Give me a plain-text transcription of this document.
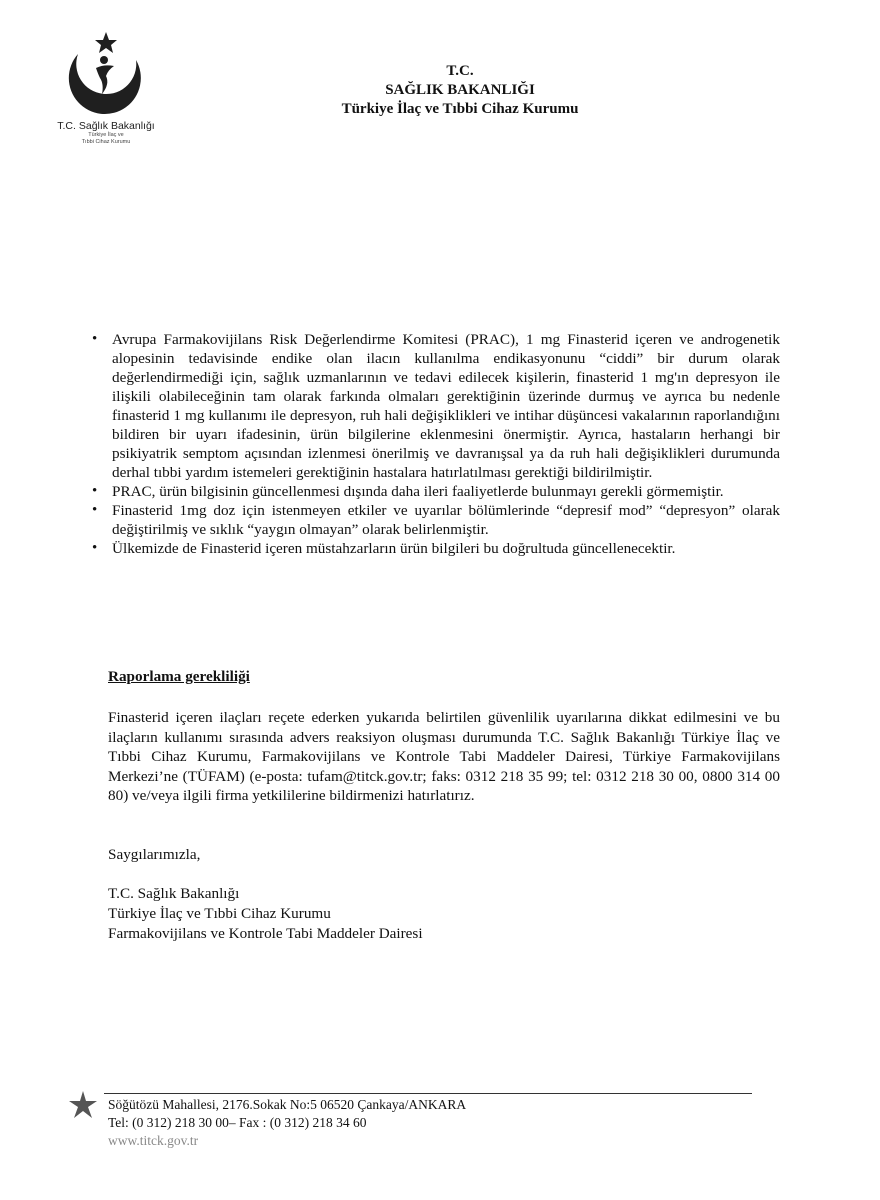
T.C. Sağlık Bakanlığı
Türkiye İlaç ve
Tıbbi Cihaz Kurumu
T.C.
SAĞLIK BAKANLIĞI
Türkiye İlaç ve Tıbbi Cihaz Kurumu
• Avrupa Farmakovijilans Risk Değerlendirme Komitesi (PRAC), 1 mg Finasterid içeren ve androgenetik alopesinin tedavisinde endike olan ilacın kullanılma endikasyonunu “ciddi” bir durum olarak değerlendirmediği için, sağlık uzmanlarının ve tedavi edilecek kişilerin, finasterid 1 mg'ın depresyon ile ilişkili olabileceğinin tam olarak farkında olmaları gerektiğinin üzerinde durmuş ve ayrıca bu nedenle finasterid 1 mg kullanımı ile depresyon, ruh hali değişiklikleri ve intihar düşüncesi vakalarının raporlandığını bildiren bir uyarı ifadesinin, ürün bilgilerine eklenmesini önermiştir. Ayrıca, hastaların herhangi bir psikiyatrik semptom açısından izlenmesi önerilmiş ve davranışsal ya da ruh hali değişiklikleri durumunda derhal tıbbi yardım istemeleri gerektiğinin hastalara hatırlatılması gerektiği bildirilmiştir.
• PRAC, ürün bilgisinin güncellenmesi dışında daha ileri faaliyetlerde bulunmayı gerekli görmemiştir.
• Finasterid 1mg doz için istenmeyen etkiler ve uyarılar bölümlerinde “depresif mod” “depresyon” olarak değiştirilmiş ve sıklık “yaygın olmayan” olarak belirlenmiştir.
• Ülkemizde de Finasterid içeren müstahzarların ürün bilgileri bu doğrultuda güncellenecektir.
Raporlama gerekliliği

Finasterid içeren ilaçları reçete ederken yukarıda belirtilen güvenlilik uyarılarına dikkat edilmesini ve bu ilaçların kullanımı sırasında advers reaksiyon oluşması durumunda T.C. Sağlık Bakanlığı Türkiye İlaç ve Tıbbi Cihaz Kurumu, Farmakovijilans ve Kontrole Tabi Maddeler Dairesi, Türkiye Farmakovijilans Merkezi’ne (TÜFAM) (e-posta: tufam@titck.gov.tr; faks: 0312 218 35 99; tel: 0312 218 30 00, 0800 314 00 80) ve/veya ilgili firma yetkililerine bildirmenizi hatırlatırız.

Saygılarımızla,
T.C. Sağlık Bakanlığı
Türkiye İlaç ve Tıbbi Cihaz Kurumu
Farmakovijilans ve Kontrole Tabi Maddeler Dairesi
Söğütözü Mahallesi, 2176.Sokak No:5 06520 Çankaya/ANKARA
Tel: (0 312) 218 30 00– Fax : (0 312) 218 34 60
www.titck.gov.tr
